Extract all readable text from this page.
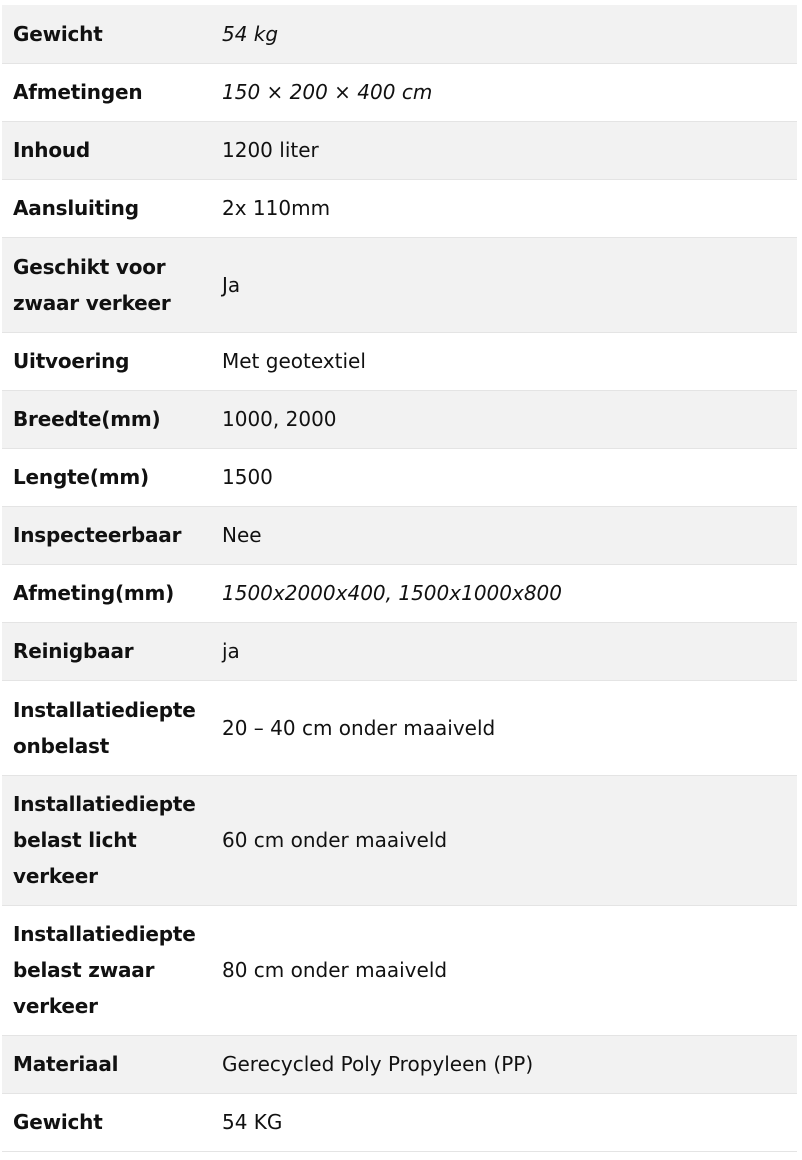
Gewicht	54 kg
Afmetingen	150 × 200 × 400 cm
Inhoud	1200 liter
Aansluiting	2x 110mm
Geschikt voor zwaar verkeer	Ja
Uitvoering	Met geotextiel
Breedte(mm)	1000, 2000
Lengte(mm)	1500
Inspecteerbaar	Nee
Afmeting(mm)	1500x2000x400, 1500x1000x800
Reinigbaar	ja
Installatiediepte onbelast	20 – 40 cm onder maaiveld
Installatiediepte belast licht verkeer	60 cm onder maaiveld
Installatiediepte belast zwaar verkeer	80 cm onder maaiveld
Materiaal	Gerecycled Poly Propyleen (PP)
Gewicht	54 KG
